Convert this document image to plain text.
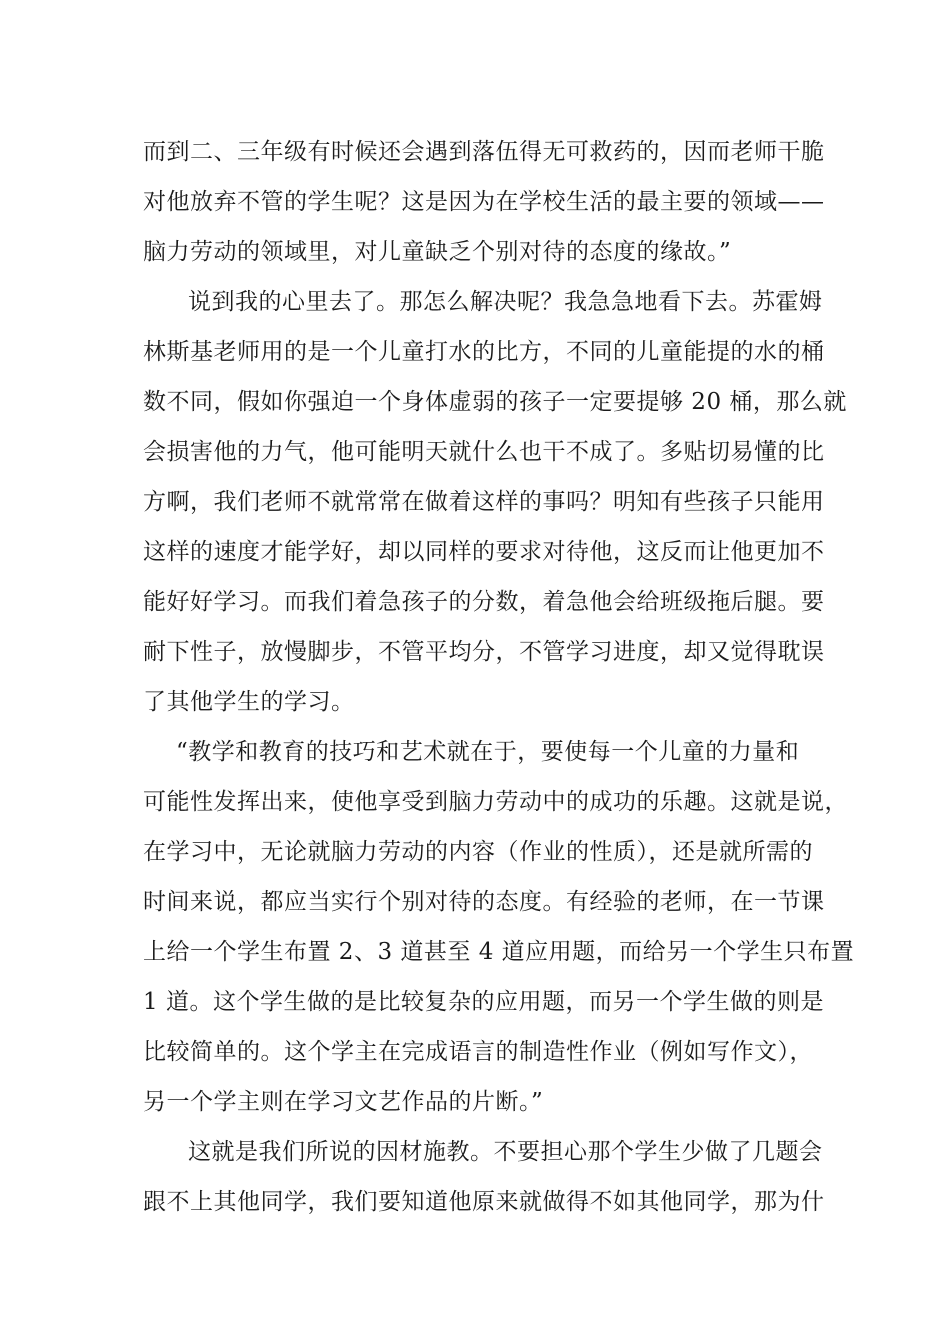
而到二、三年级有时候还会遇到落伍得无可救药的，因而老师干脆
对他放弃不管的学生呢？这是因为在学校生活的最主要的领域——
脑力劳动的领域里，对儿童缺乏个别对待的态度的缘故。”
说到我的心里去了。那怎么解决呢？我急急地看下去。苏霍姆
林斯基老师用的是一个儿童打水的比方，不同的儿童能提的水的桶
数不同，假如你强迫一个身体虚弱的孩子一定要提够 20 桶，那么就
会损害他的力气，他可能明天就什么也干不成了。多贴切易懂的比
方啊，我们老师不就常常在做着这样的事吗？明知有些孩子只能用
这样的速度才能学好，却以同样的要求对待他，这反而让他更加不
能好好学习。而我们着急孩子的分数，着急他会给班级拖后腿。要
耐下性子，放慢脚步，不管平均分，不管学习进度，却又觉得耽误
了其他学生的学习。
“教学和教育的技巧和艺术就在于，要使每一个儿童的力量和
可能性发挥出来，使他享受到脑力劳动中的成功的乐趣。这就是说，
在学习中，无论就脑力劳动的内容（作业的性质），还是就所需的
时间来说，都应当实行个别对待的态度。有经验的老师，在一节课
上给一个学生布置 2、3 道甚至 4 道应用题，而给另一个学生只布置
1 道。这个学生做的是比较复杂的应用题，而另一个学生做的则是
比较简单的。这个学主在完成语言的制造性作业（例如写作文），
另一个学主则在学习文艺作品的片断。”
这就是我们所说的因材施教。不要担心那个学生少做了几题会
跟不上其他同学，我们要知道他原来就做得不如其他同学，那为什
